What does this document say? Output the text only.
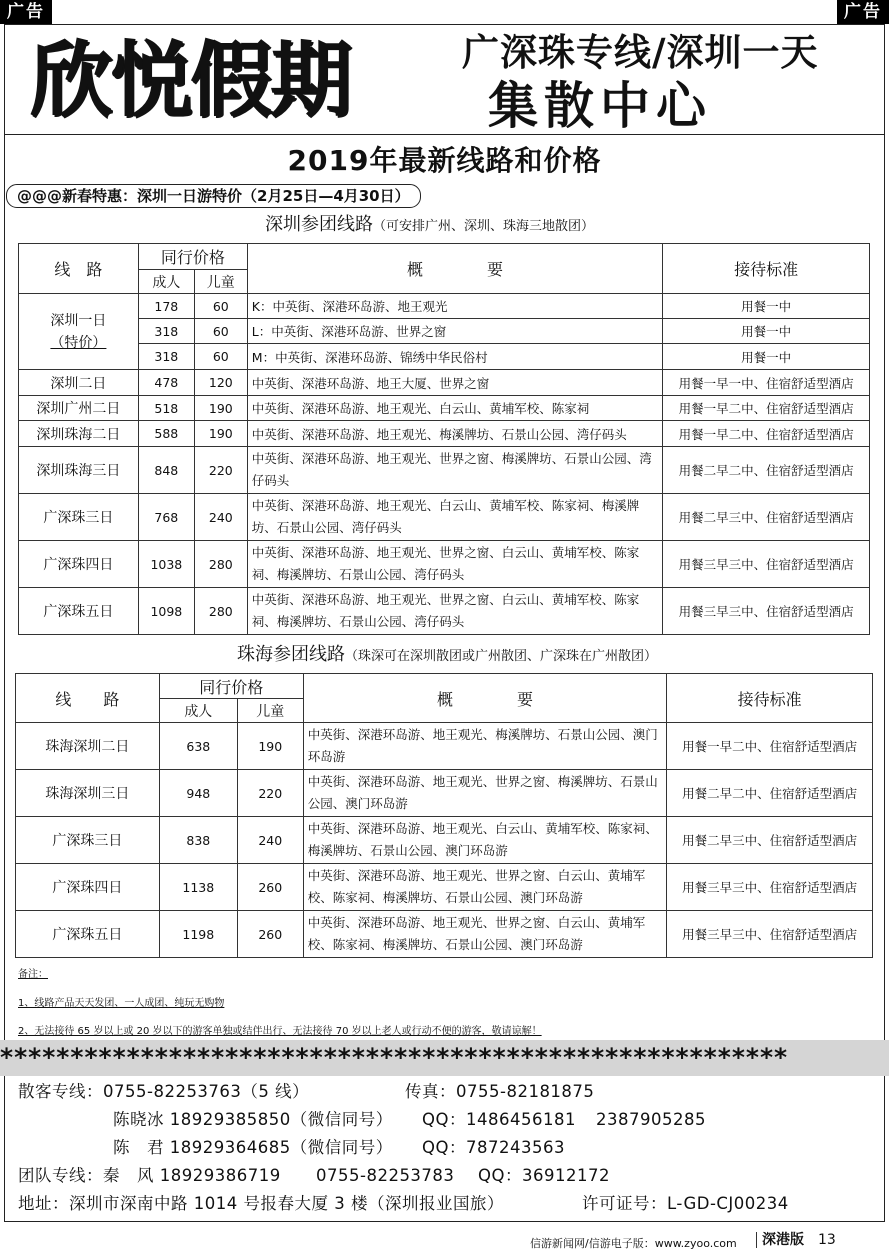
广告	广告
欣悦假期	广深珠专线/深圳一天
集散中心
2019年最新线路和价格
@@@新春特惠：深圳一日游特价（2月25日—4月30日）
深圳参团线路（可安排广州、深圳、珠海三地散团）
线　路	同行价格		概　　　　要	接待标准
	成人	儿童		

深圳一日
（特价）	178	60	K：中英街、深港环岛游、地王观光	用餐一中
	318	60	L：中英街、深港环岛游、世界之窗	用餐一中
	318	60	M：中英街、深港环岛游、锦绣中华民俗村	用餐一中
深圳二日	478	120	中英街、深港环岛游、地王大厦、世界之窗	用餐一早一中、住宿舒适型酒店
深圳广州二日	518	190	中英街、深港环岛游、地王观光、白云山、黄埔军校、陈家祠	用餐一早二中、住宿舒适型酒店
深圳珠海二日	588	190	中英街、深港环岛游、地王观光、梅溪牌坊、石景山公园、湾仔码头	用餐一早二中、住宿舒适型酒店
深圳珠海三日	848	220	中英街、深港环岛游、地王观光、世界之窗、梅溪牌坊、石景山公园、湾仔码头	用餐二早二中、住宿舒适型酒店
广深珠三日	768	240	中英街、深港环岛游、地王观光、白云山、黄埔军校、陈家祠、梅溪牌坊、石景山公园、湾仔码头	用餐二早三中、住宿舒适型酒店
广深珠四日	1038	280	中英街、深港环岛游、地王观光、世界之窗、白云山、黄埔军校、陈家祠、梅溪牌坊、石景山公园、湾仔码头	用餐三早三中、住宿舒适型酒店
广深珠五日	1098	280	中英街、深港环岛游、地王观光、世界之窗、白云山、黄埔军校、陈家祠、梅溪牌坊、石景山公园、湾仔码头	用餐三早三中、住宿舒适型酒店
珠海参团线路（珠深可在深圳散团或广州散团、广深珠在广州散团）
线　　路	同行价格		概　　　　要	接待标准
	成人	儿童		
珠海深圳二日	638	190	中英街、深港环岛游、地王观光、梅溪牌坊、石景山公园、澳门环岛游	用餐一早二中、住宿舒适型酒店
珠海深圳三日	948	220	中英街、深港环岛游、地王观光、世界之窗、梅溪牌坊、石景山公园、澳门环岛游	用餐二早二中、住宿舒适型酒店
广深珠三日	838	240	中英街、深港环岛游、地王观光、白云山、黄埔军校、陈家祠、梅溪牌坊、石景山公园、澳门环岛游	用餐二早三中、住宿舒适型酒店
广深珠四日	1138	260	中英街、深港环岛游、地王观光、世界之窗、白云山、黄埔军校、陈家祠、梅溪牌坊、石景山公园、澳门环岛游	用餐三早三中、住宿舒适型酒店
广深珠五日	1198	260	中英街、深港环岛游、地王观光、世界之窗、白云山、黄埔军校、陈家祠、梅溪牌坊、石景山公园、澳门环岛游	用餐三早三中、住宿舒适型酒店
备注：
1、线路产品天天发团、一人成团、纯玩无购物
2、无法接待 65 岁以上或 20 岁以下的游客单独或结伴出行、无法接待 70 岁以上老人或行动不便的游客，敬请谅解！
********************************************************
散客专线：0755-82253763（5 线）	传真：0755-82181875
陈晓冰 18929385850（微信同号） QQ：1486456181 2387905285
陈　君 18929364685（微信同号） QQ：787243563
团队专线：秦　风 18929386719 0755-82253783 QQ：36912172
地址：深圳市深南中路 1014 号报春大厦 3 楼（深圳报业国旅）	许可证号：L-GD-CJ00234
信游新闻网/信游电子版：www.zyoo.com	深港版 13
